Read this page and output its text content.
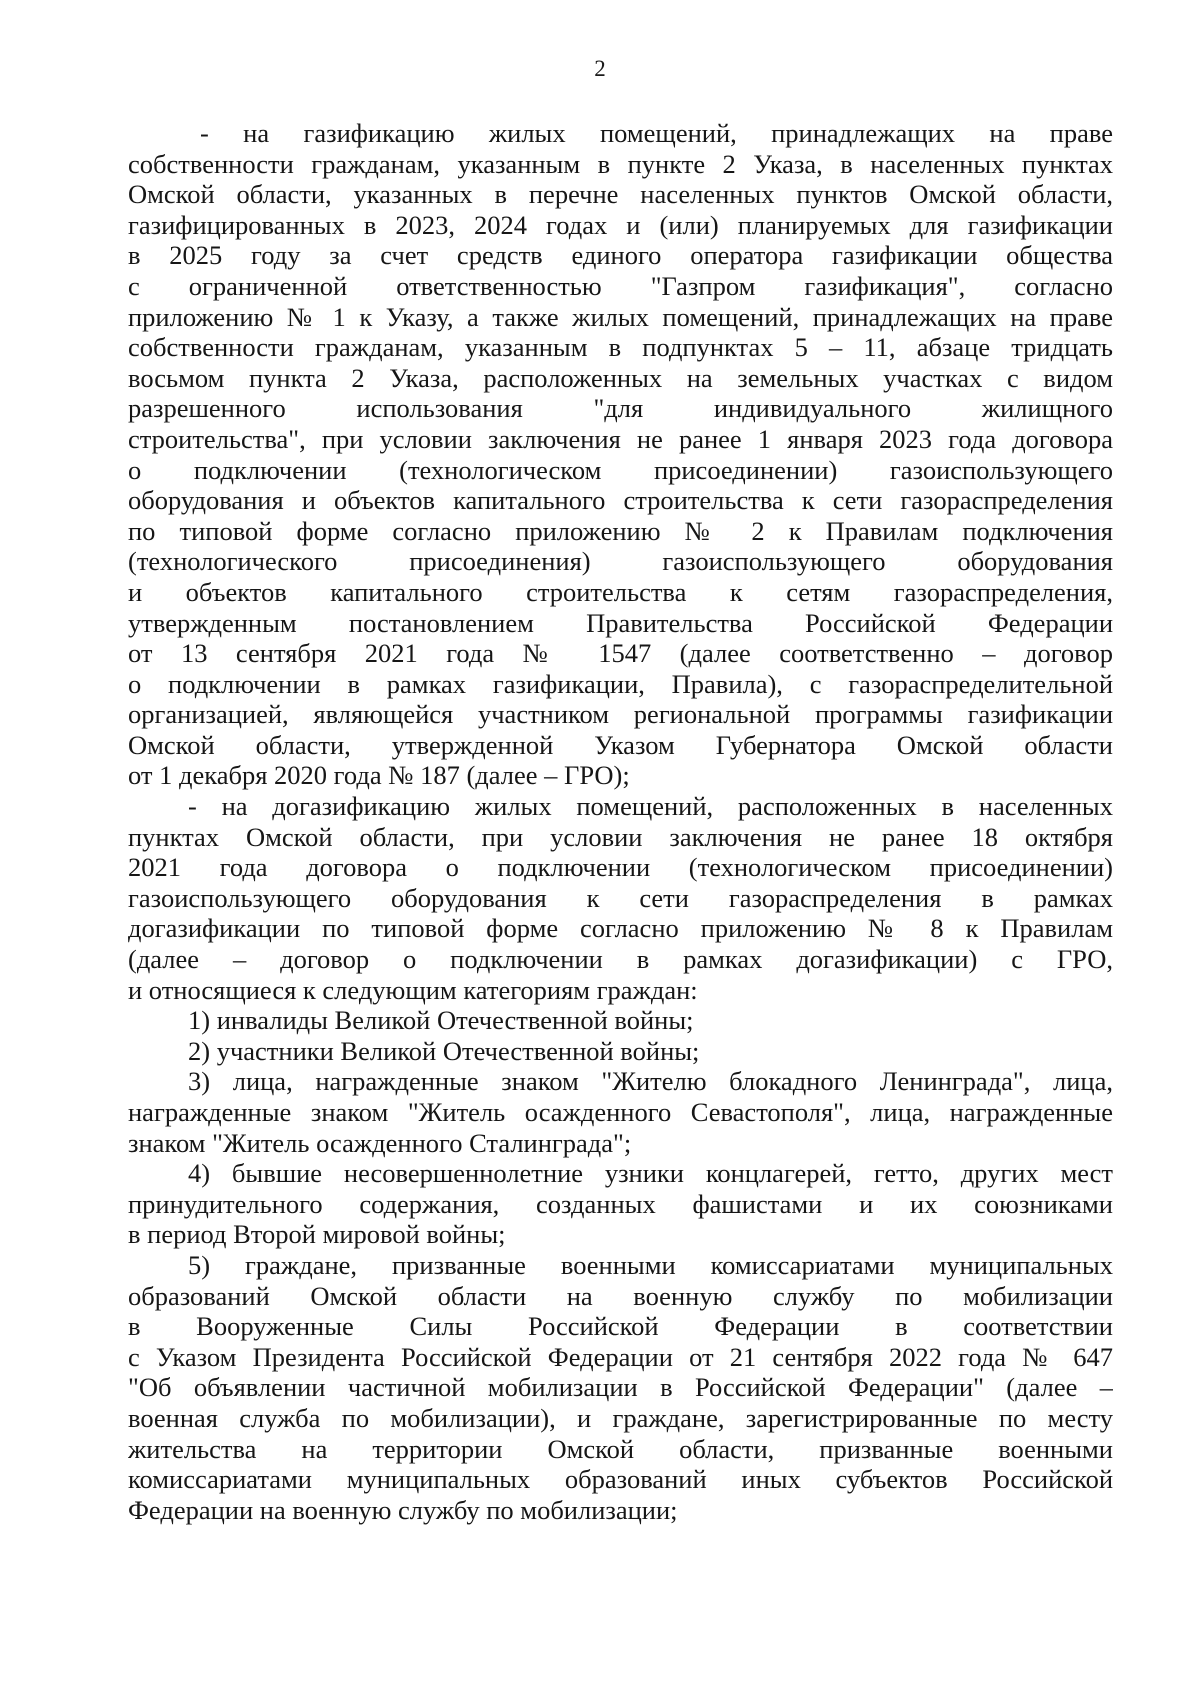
2
- на газификацию жилых помещений, принадлежащих на праве
собственности гражданам, указанным в пункте 2 Указа, в населенных пунктах
Омской области, указанных в перечне населенных пунктов Омской области,
газифицированных в 2023, 2024 годах и (или) планируемых для газификации
в 2025 году за счет средств единого оператора газификации общества
с ограниченной ответственностью "Газпром газификация", согласно
приложению № 1 к Указу, а также жилых помещений, принадлежащих на праве
собственности гражданам, указанным в подпунктах 5 – 11, абзаце тридцать
восьмом пункта 2 Указа, расположенных на земельных участках с видом
разрешенного использования "для индивидуального жилищного
строительства", при условии заключения не ранее 1 января 2023 года договора
о подключении (технологическом присоединении) газоиспользующего
оборудования и объектов капитального строительства к сети газораспределения
по типовой форме согласно приложению № 2 к Правилам подключения
(технологического присоединения) газоиспользующего оборудования
и объектов капитального строительства к сетям газораспределения,
утвержденным постановлением Правительства Российской Федерации
от 13 сентября 2021 года № 1547 (далее соответственно – договор
о подключении в рамках газификации, Правила), с газораспределительной
организацией, являющейся участником региональной программы газификации
Омской области, утвержденной Указом Губернатора Омской области
от 1 декабря 2020 года № 187 (далее – ГРО);
- на догазификацию жилых помещений, расположенных в населенных
пунктах Омской области, при условии заключения не ранее 18 октября
2021 года договора о подключении (технологическом присоединении)
газоиспользующего оборудования к сети газораспределения в рамках
догазификации по типовой форме согласно приложению № 8 к Правилам
(далее – договор о подключении в рамках догазификации) с ГРО,
и относящиеся к следующим категориям граждан:
1) инвалиды Великой Отечественной войны;
2) участники Великой Отечественной войны;
3) лица, награжденные знаком "Жителю блокадного Ленинграда", лица,
награжденные знаком "Житель осажденного Севастополя", лица, награжденные
знаком "Житель осажденного Сталинграда";
4) бывшие несовершеннолетние узники концлагерей, гетто, других мест
принудительного содержания, созданных фашистами и их союзниками
в период Второй мировой войны;
5) граждане, призванные военными комиссариатами муниципальных
образований Омской области на военную службу по мобилизации
в Вооруженные Силы Российской Федерации в соответствии
с Указом Президента Российской Федерации от 21 сентября 2022 года № 647
"Об объявлении частичной мобилизации в Российской Федерации" (далее –
военная служба по мобилизации), и граждане, зарегистрированные по месту
жительства на территории Омской области, призванные военными
комиссариатами муниципальных образований иных субъектов Российской
Федерации на военную службу по мобилизации;
